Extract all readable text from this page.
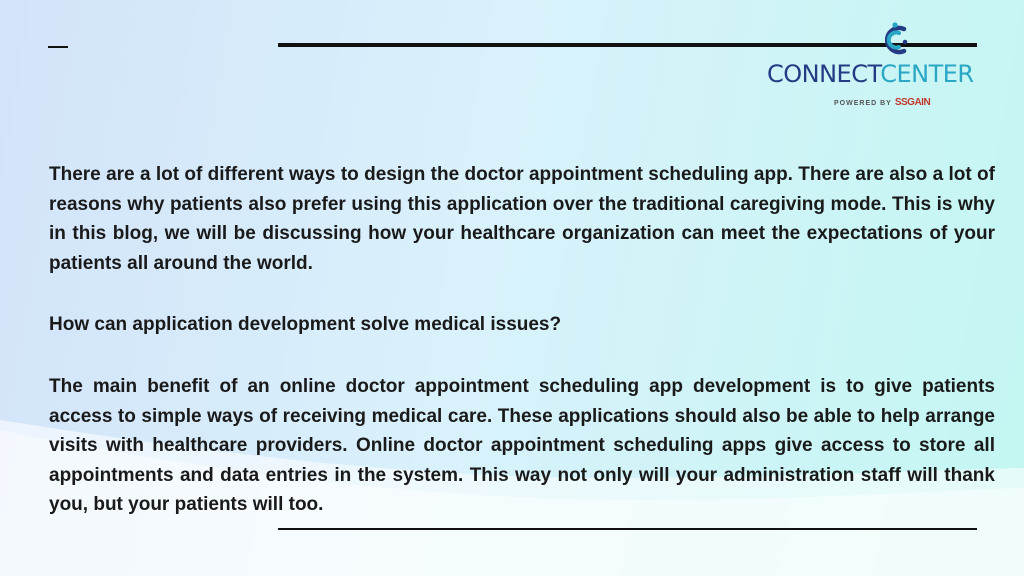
CONNECTCENTER
POWERED BY SSGAIN

There are a lot of different ways to design the doctor appointment scheduling app. There are also a lot of reasons why patients also prefer using this application over the traditional caregiving mode. This is why in this blog, we will be discussing how your healthcare organization can meet the expectations of your patients all around the world.

How can application development solve medical issues?

The main benefit of an online doctor appointment scheduling app development is to give patients access to simple ways of receiving medical care. These applications should also be able to help arrange visits with healthcare providers. Online doctor appointment scheduling apps give access to store all appointments and data entries in the system. This way not only will your administration staff will thank you, but your patients will too.
